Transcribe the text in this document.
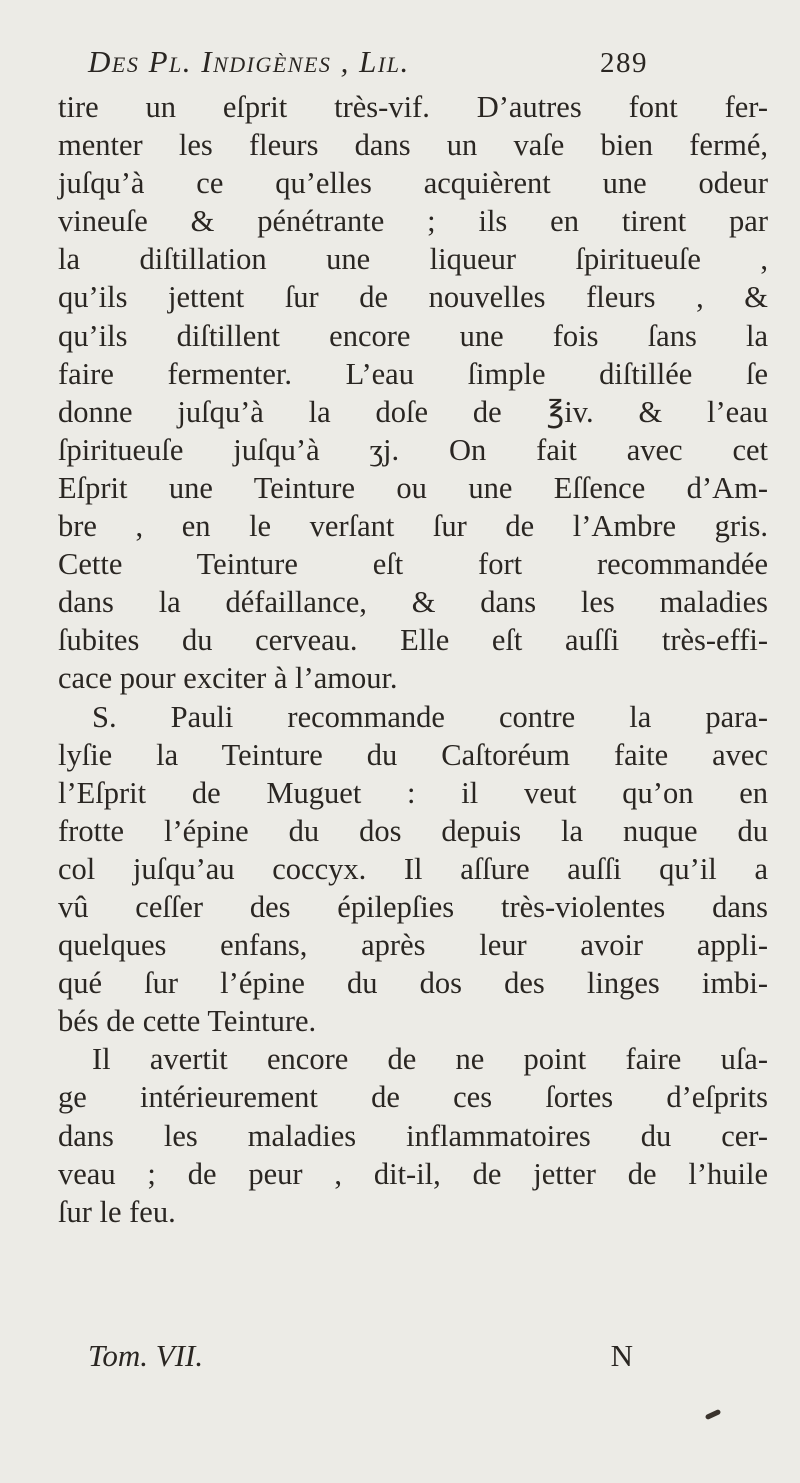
Des Pl. Indigènes , Lil.	289
tire un eſprit très-vif. D’autres font fer-
menter les fleurs dans un vaſe bien fermé,
juſqu’à ce qu’elles acquièrent une odeur
vineuſe & pénétrante ; ils en tirent par
la diſtillation une liqueur ſpiritueuſe ,
qu’ils jettent ſur de nouvelles fleurs , &
qu’ils diſtillent encore une fois ſans la
faire fermenter. L’eau ſimple diſtillée ſe
donne juſqu’à la doſe de ℥iv. & l’eau
ſpiritueuſe juſqu’à ʒj. On fait avec cet
Eſprit une Teinture ou une Eſſence d’Am-
bre , en le verſant ſur de l’Ambre gris.
Cette Teinture eſt fort recommandée
dans la défaillance, & dans les maladies
ſubites du cerveau. Elle eſt auſſi très-effi-
cace pour exciter à l’amour.
S. Pauli recommande contre la para-
lyſie la Teinture du Caſtoréum faite avec
l’Eſprit de Muguet : il veut qu’on en
frotte l’épine du dos depuis la nuque du
col juſqu’au coccyx. Il aſſure auſſi qu’il a
vû ceſſer des épilepſies très-violentes dans
quelques enfans, après leur avoir appli-
qué ſur l’épine du dos des linges imbi-
bés de cette Teinture.
Il avertit encore de ne point faire uſa-
ge intérieurement de ces ſortes d’eſprits
dans les maladies inflammatoires du cer-
veau ; de peur , dit-il, de jetter de l’huile
ſur le feu.
Tom. VII.	N
